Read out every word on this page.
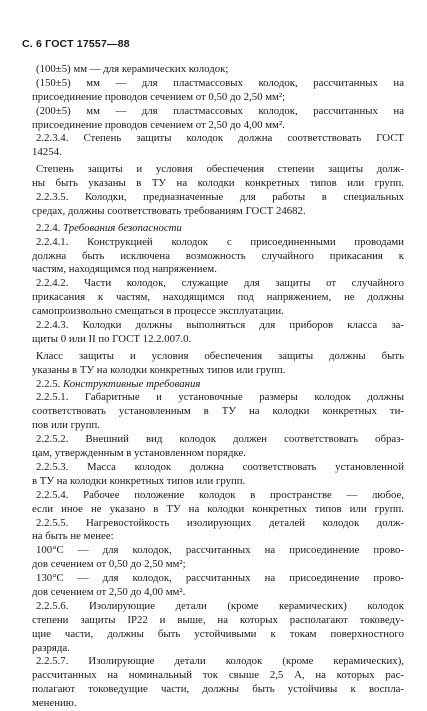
С. 6 ГОСТ 17557—88
(100±5) мм — для керамических колодок;
(150±5) мм — для пластмассовых колодок, рассчитанных на
присоединение проводов сечением от 0,50 до 2,50 мм²;
(200±5) мм — для пластмассовых колодок, рассчитанных на
присоединение проводов сечением от 2,50 до 4,00 мм².
2.2.3.4. Степень защиты колодок должна соответствовать ГОСТ
14254.
Степень защиты и условия обеспечения степени защиты долж-
ны быть указаны в ТУ на колодки конкретных типов или групп.
2.2.3.5. Колодки, предназначенные для работы в специальных
средах, должны соответствовать требованиям ГОСТ 24682.
2.2.4. Требования безопасности
2.2.4.1. Конструкцией колодок с присоединенными проводами
должна быть исключена возможность случайного прикасания к
частям, находящимся под напряжением.
2.2.4.2. Части колодок, служащие для защиты от случайного
прикасания к частям, находящимся под напряжением, не должны
самопроизвольно смещаться в процессе эксплуатации.
2.2.4.3. Колодки должны выполняться для приборов класса за-
щиты 0 или II по ГОСТ 12.2.007.0.
Класс защиты и условия обеспечения защиты должны быть
указаны в ТУ на колодки конкретных типов или групп.
2.2.5. Конструктивные требования
2.2.5.1. Габаритные и установочные размеры колодок должны
соответствовать установленным в ТУ на колодки конкретных ти-
пов или групп.
2.2.5.2. Внешний вид колодок должен соответствовать образ-
цам, утвержденным в установленном порядке.
2.2.5.3. Масса колодок должна соответствовать установленной
в ТУ на колодки конкретных типов или групп.
2.2.5.4. Рабочее положение колодок в пространстве — любое,
если иное не указано в ТУ на колодки конкретных типов или групп.
2.2.5.5. Нагревостойкость изолирующих деталей колодок долж-
на быть не менее:
100°С — для колодок, рассчитанных на присоединение прово-
дов сечением от 0,50 до 2,50 мм²;
130°С — для колодок, рассчитанных на присоединение прово-
дов сечением от 2,50 до 4,00 мм².
2.2.5.6. Изолирующие детали (кроме керамических) колодок
степени защиты IP22 и выше, на которых располагают токоведу-
щие части, должны быть устойчивыми к токам поверхностного
разряда.
2.2.5.7. Изолирующие детали колодок (кроме керамических),
рассчитанных на номинальный ток свыше 2,5 А, на которых рас-
полагают токоведущие части, должны быть устойчивы к воспла-
менению.
